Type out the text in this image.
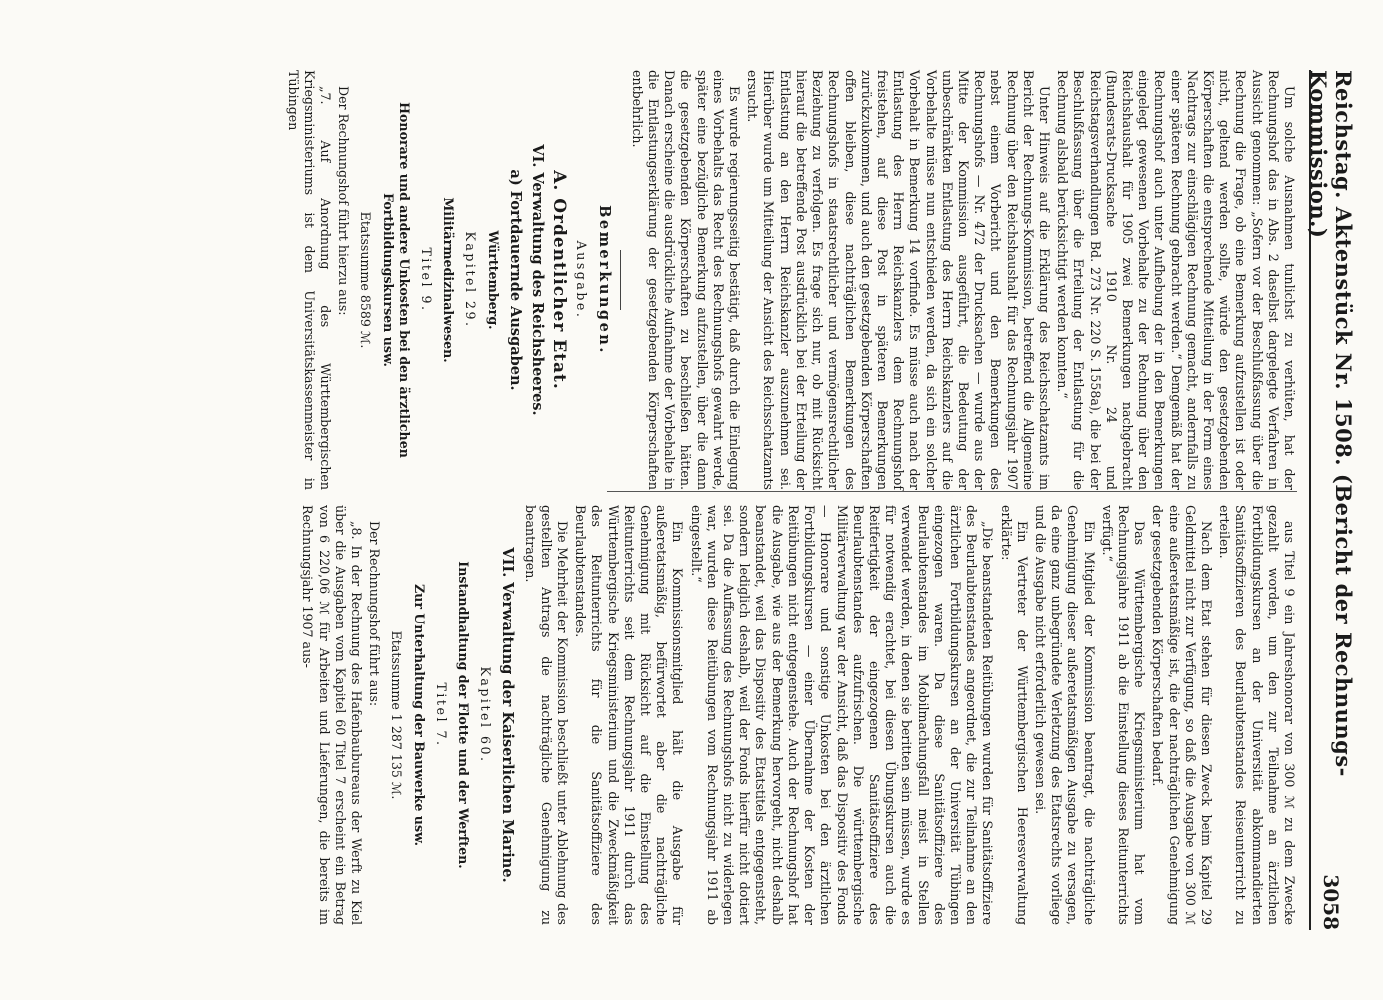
Reichstag. Aktenstück Nr. 1508. (Bericht der Rechnungs-Kommission.)
3058

Um solche Ausnahmen tunlichst zu verhüten, hat der Rechnungshof das in Abs. 2 daselbst dargelegte Verfahren in Aussicht genommen: „Sofern vor der Beschlußfassung über die Rechnung die Frage, ob eine Bemerkung aufzustellen ist oder nicht, geltend werden sollte, würde den gesetzgebenden Körperschaften die entsprechende Mitteilung in der Form eines Nachtrags zur einschlägigen Rechnung gemacht, andernfalls zu einer späteren Rechnung gebracht werden.“ Demgemäß hat der Rechnungshof auch unter Aufhebung der in den Bemerkungen eingelegt gewesenen Vorbehalte zu der Rechnung über den Reichshaushalt für 1905 zwei Bemerkungen nachgebracht (Bundesrats-Drucksache 1910 Nr. 24 und Reichstagsverhandlungen Bd. 273 Nr. 220 S. 1558a), die bei der Beschlußfassung über die Erteilung der Entlastung für die Rechnung alsbald berücksichtigt werden konnten.“

Unter Hinweis auf die Erklärung des Reichsschatzamts im Bericht der Rechnungs-Kommission, betreffend die Allgemeine Rechnung über den Reichshaushalt für das Rechnungsjahr 1907 nebst einem Vorbericht und den Bemerkungen des Rechnungshofs — Nr. 472 der Drucksachen — wurde aus der Mitte der Kommission ausgeführt, die Bedeutung der unbeschränkten Entlastung des Herrn Reichskanzlers auf die Vorbehalte müsse nun entschieden werden, da sich ein solcher Vorbehalt in Bemerkung 14 vorfinde. Es müsse auch nach der Entlastung des Herrn Reichskanzlers dem Rechnungshof freistehen, auf diese Post in späteren Bemerkungen zurückzukommen, und auch den gesetzgebenden Körperschaften offen bleiben, diese nachträglichen Bemerkungen des Rechnungshofs in staatsrechtlicher und vermögensrechtlicher Beziehung zu verfolgen. Es frage sich nur, ob mit Rücksicht hierauf die betreffende Post ausdrücklich bei der Erteilung der Entlastung an den Herrn Reichskanzler auszunehmen sei. Hierüber wurde um Mitteilung der Ansicht des Reichsschatzamts ersucht.

Es wurde regierungsseitig bestätigt, daß durch die Einlegung eines Vorbehalts das Recht des Rechnungshofs gewahrt werde, später eine bezügliche Bemerkung aufzustellen, über die dann die gesetzgebenden Körperschaften zu beschließen hätten. Danach erscheine die ausdrückliche Aufnahme der Vorbehalte in die Entlastungserklärung der gesetzgebenden Körperschaften entbehrlich.

Bemerkungen.
Ausgabe.
A. Ordentlicher Etat.
VI. Verwaltung des Reichsheeres.
a) Fortdauernde Ausgaben.
Württemberg.
Kapitel 29.
Militärmedizinalwesen.
Titel 9.
Honorare und andere Unkosten bei den ärztlichen Fortbildungskursen usw.
Etatssumme 8589 ℳ.

Der Rechnungshof führt hierzu aus:

„7. Auf Anordnung des Württembergischen Kriegsministeriums ist dem Universitätskassenmeister in Tübingen

aus Titel 9 ein Jahreshonorar von 300 ℳ zu dem Zwecke gezahlt worden, um den zur Teilnahme an ärztlichen Fortbildungskursen an der Universität abkommandierten Sanitätsoffizieren des Beurlaubtenstandes Reiseunterricht zu erteilen.

Nach dem Etat stehen für diesen Zweck beim Kapitel 29 Geldmittel nicht zur Verfügung, so daß die Ausgabe von 300 ℳ eine außeretatsmäßige ist, die der nachträglichen Genehmigung der gesetzgebenden Körperschaften bedarf.

Das Württembergische Kriegsministerium hat vom Rechnungsjahre 1911 ab die Einstellung dieses Reitunterrichts verfügt.“

Ein Mitglied der Kommission beantragt, die nachträgliche Genehmigung dieser außeretatsmäßigen Ausgabe zu versagen, da eine ganz unbegründete Verletzung des Etatsrechts vorliege und die Ausgabe nicht erforderlich gewesen sei.

Ein Vertreter der Württembergischen Heeresverwaltung erklärte:

„Die beanstandeten Reitübungen wurden für Sanitätsoffiziere des Beurlaubtenstandes angeordnet, die zur Teilnahme an den ärztlichen Fortbildungskursen an der Universität Tübingen eingezogen waren. Da diese Sanitätsoffiziere des Beurlaubtenstandes im Mobilmachungsfall meist in Stellen verwendet werden, in denen sie beritten sein müssen, wurde es für notwendig erachtet, bei diesen Übungskursen auch die Reitfertigkeit der eingezogenen Sanitätsoffiziere des Beurlaubtenstandes aufzufrischen. Die württembergische Militärverwaltung war der Ansicht, daß das Dispositiv des Fonds — Honorare und sonstige Unkosten bei den ärztlichen Fortbildungskursen — einer Übernahme der Kosten der Reitübungen nicht entgegenstehe. Auch der Rechnungshof hat die Ausgabe, wie aus der Bemerkung hervorgeht, nicht deshalb beanstandet, weil das Dispositiv des Etatstitels entgegensteht, sondern lediglich deshalb, weil der Fonds hierfür nicht dotiert sei. Da die Auffassung des Rechnungshofs nicht zu widerlegen war, wurden diese Reitübungen vom Rechnungsjahr 1911 ab eingestellt.“

Ein Kommissionsmitglied hält die Ausgabe für außeretatsmäßig, befürwortet aber die nachträgliche Genehmigung mit Rücksicht auf die Einstellung des Reitunterrichts seit dem Rechnungsjahr 1911 durch das Württembergische Kriegsministerium und die Zweckmäßigkeit des Reitunterrichts für die Sanitätsoffiziere des Beurlaubtenstandes.

Die Mehrheit der Kommission beschließt unter Ablehnung des gestellten Antrags die nachträgliche Genehmigung zu beantragen.

VII. Verwaltung der Kaiserlichen Marine.
Kapitel 60.
Instandhaltung der Flotte und der Werften.
Titel 7.
Zur Unterhaltung der Bauwerke usw.
Etatssumme 1 287 135 ℳ.

Der Rechnungshof führt aus:

„8. In der Rechnung des Hafenbaubureaus der Werft zu Kiel über die Ausgaben vom Kapitel 60 Titel 7 erscheint ein Betrag von 6 220,06 ℳ für Arbeiten und Lieferungen, die bereits im Rechnungsjahr 1907 aus-
